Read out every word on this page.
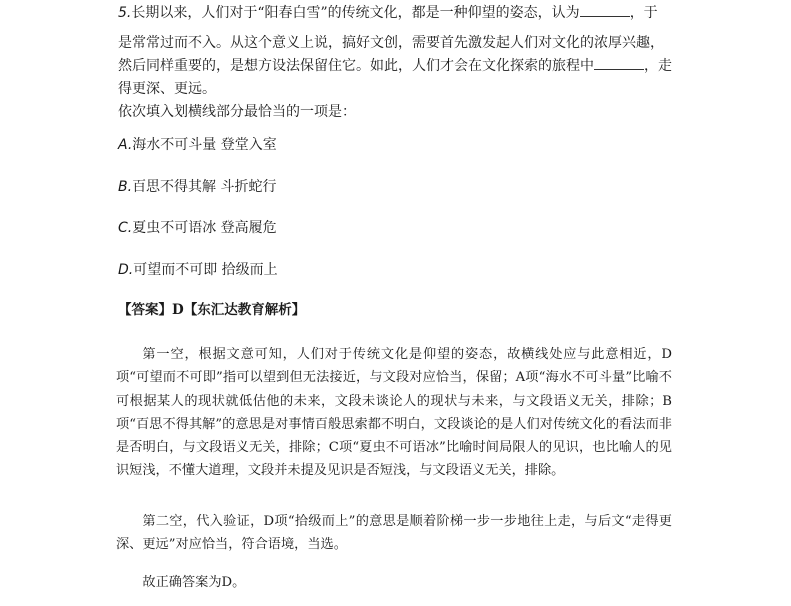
5.长期以来，人们对于“阳春白雪”的传统文化，都是一种仰望的姿态，认为	，于
是常常过而不入。从这个意义上说，搞好文创，需要首先激发起人们对文化的浓厚兴趣，
然后同样重要的，是想方设法保留住它。如此，人们才会在文化探索的旅程中	，走
得更深、更远。
依次填入划横线部分最恰当的一项是：
A.海水不可斗量 登堂入室
B.百思不得其解 斗折蛇行
C.夏虫不可语冰 登高履危
D.可望而不可即 拾级而上
【答案】D【东汇达教育解析】
第一空，根据文意可知，人们对于传统文化是仰望的姿态，故横线处应与此意相近，D项“可望而不可即”指可以望到但无法接近，与文段对应恰当，保留；A项“海水不可斗量”比喻不可根据某人的现状就低估他的未来，文段未谈论人的现状与未来，与文段语义无关，排除；B项“百思不得其解”的意思是对事情百般思索都不明白，文段谈论的是人们对传统文化的看法而非是否明白，与文段语义无关，排除；C项“夏虫不可语冰”比喻时间局限人的见识，也比喻人的见识短浅，不懂大道理，文段并未提及见识是否短浅，与文段语义无关，排除。
第二空，代入验证，D项“拾级而上”的意思是顺着阶梯一步一步地往上走，与后文“走得更深、更远”对应恰当，符合语境，当选。
故正确答案为D。
